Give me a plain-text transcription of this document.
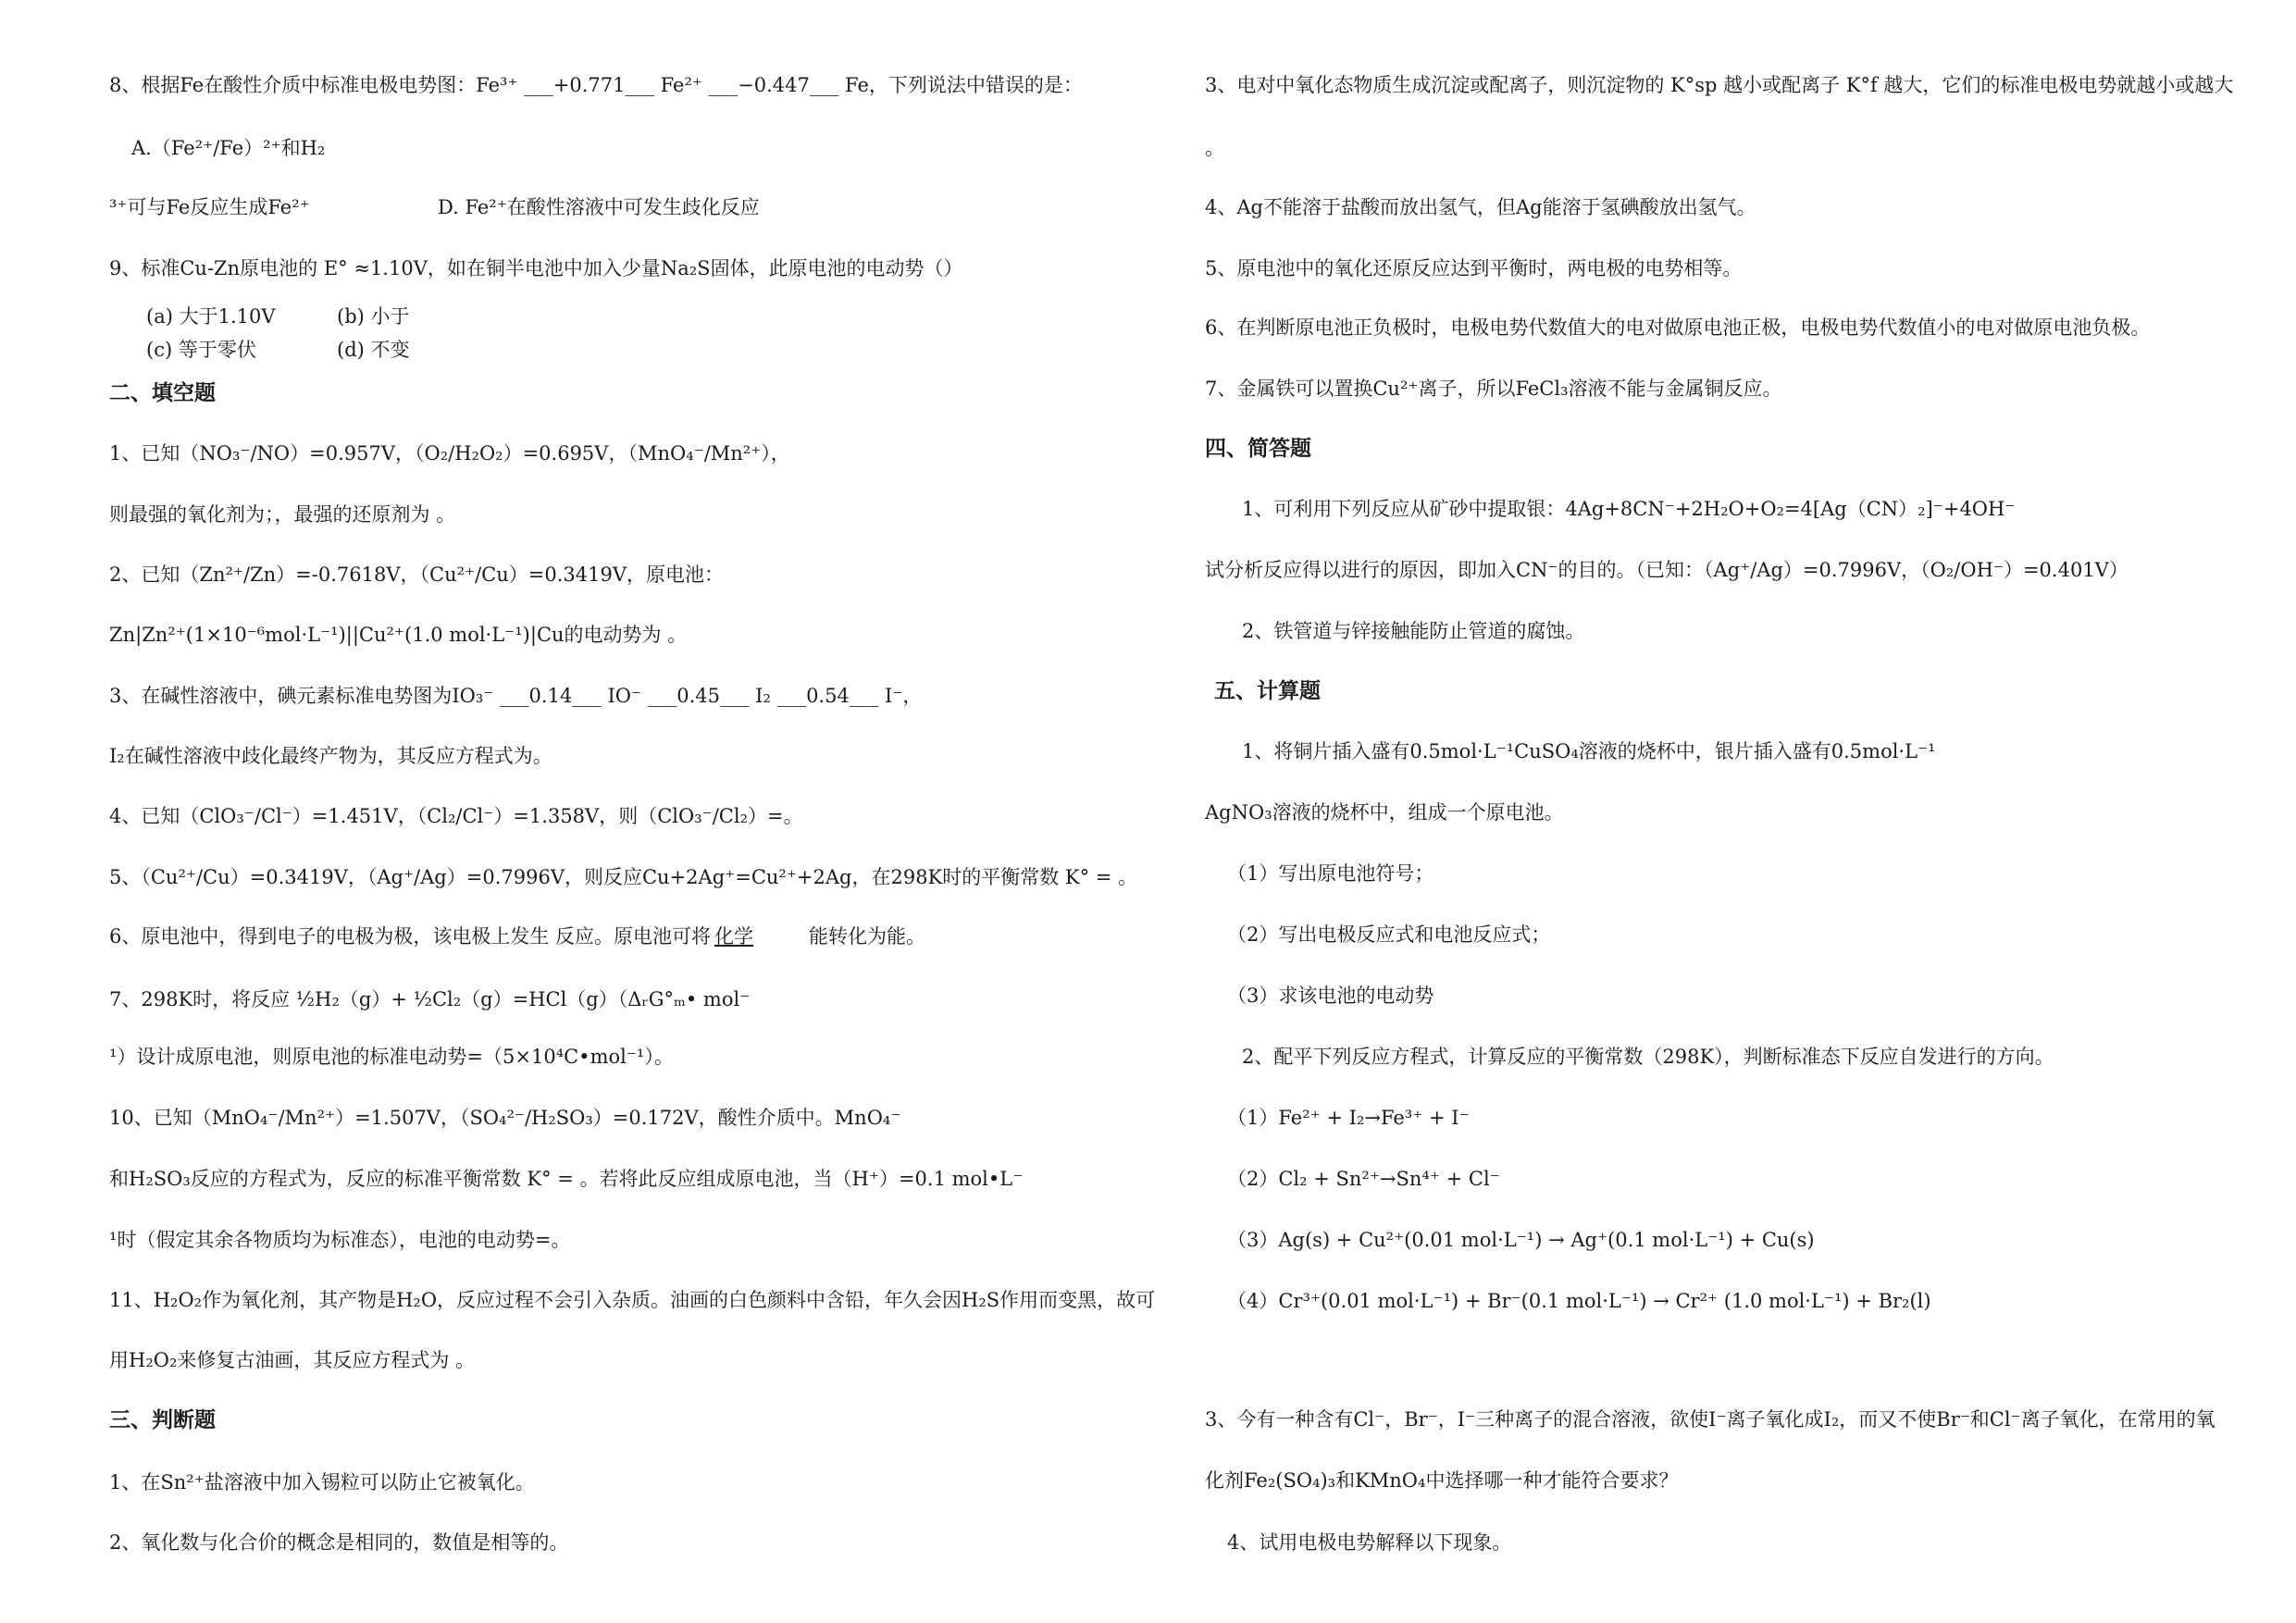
8、根据Fe在酸性介质中标准电极电势图：Fe³⁺ ___+0.771___ Fe²⁺ ___−0.447___ Fe，下列说法中错误的是：
A.（Fe²⁺/Fe）²⁺和H₂
³⁺可与Fe反应生成Fe²⁺	D. Fe²⁺在酸性溶液中可发生歧化反应
9、标准Cu-Zn原电池的 E° ≈1.10V，如在铜半电池中加入少量Na₂S固体，此原电池的电动势（）
(a) 大于1.10V	(b) 小于
(c) 等于零伏	(d) 不变
二、填空题
1、已知（NO₃⁻/NO）=0.957V，（O₂/H₂O₂）=0.695V，（MnO₄⁻/Mn²⁺），
则最强的氧化剂为；，最强的还原剂为 。
2、已知（Zn²⁺/Zn）=-0.7618V，（Cu²⁺/Cu）=0.3419V，原电池：
Zn|Zn²⁺(1×10⁻⁶mol·L⁻¹)||Cu²⁺(1.0 mol·L⁻¹)|Cu的电动势为 。
3、在碱性溶液中，碘元素标准电势图为IO₃⁻ ___0.14___ IO⁻ ___0.45___ I₂ ___0.54___ I⁻，
I₂在碱性溶液中歧化最终产物为，其反应方程式为。
4、已知（ClO₃⁻/Cl⁻）=1.451V，（Cl₂/Cl⁻）=1.358V，则（ClO₃⁻/Cl₂）=。
5、（Cu²⁺/Cu）=0.3419V，（Ag⁺/Ag）=0.7996V，则反应Cu+2Ag⁺=Cu²⁺+2Ag，在298K时的平衡常数 K° = 。
6、原电池中，得到电子的电极为极，该电极上发生 反应。原电池可将 化学	能转化为能。
7、298K时，将反应 ½H₂（g）+ ½Cl₂（g）=HCl（g）（ΔᵣG°ₘ• mol⁻
¹）设计成原电池，则原电池的标准电动势=（5×10⁴C•mol⁻¹）。
10、已知（MnO₄⁻/Mn²⁺）=1.507V，（SO₄²⁻/H₂SO₃）=0.172V，酸性介质中。MnO₄⁻
和H₂SO₃反应的方程式为，反应的标准平衡常数 K° = 。若将此反应组成原电池，当（H⁺）=0.1 mol•L⁻
¹时（假定其余各物质均为标准态），电池的电动势=。
11、H₂O₂作为氧化剂，其产物是H₂O，反应过程不会引入杂质。油画的白色颜料中含铅，年久会因H₂S作用而变黑，故可
用H₂O₂来修复古油画，其反应方程式为 。
三、判断题
1、在Sn²⁺盐溶液中加入锡粒可以防止它被氧化。
2、氧化数与化合价的概念是相同的，数值是相等的。
3、电对中氧化态物质生成沉淀或配离子，则沉淀物的 K°sp 越小或配离子 K°f 越大，它们的标准电极电势就越小或越大
。
4、Ag不能溶于盐酸而放出氢气，但Ag能溶于氢碘酸放出氢气。
5、原电池中的氧化还原反应达到平衡时，两电极的电势相等。
6、在判断原电池正负极时，电极电势代数值大的电对做原电池正极，电极电势代数值小的电对做原电池负极。
7、金属铁可以置换Cu²⁺离子，所以FeCl₃溶液不能与金属铜反应。
四、简答题
1、可利用下列反应从矿砂中提取银：4Ag+8CN⁻+2H₂O+O₂=4[Ag（CN）₂]⁻+4OH⁻
试分析反应得以进行的原因，即加入CN⁻的目的。（已知：（Ag⁺/Ag）=0.7996V，（O₂/OH⁻）=0.401V）
2、铁管道与锌接触能防止管道的腐蚀。
五、计算题
1、将铜片插入盛有0.5mol·L⁻¹CuSO₄溶液的烧杯中，银片插入盛有0.5mol·L⁻¹
AgNO₃溶液的烧杯中，组成一个原电池。
（1）写出原电池符号；
（2）写出电极反应式和电池反应式；
（3）求该电池的电动势
2、配平下列反应方程式，计算反应的平衡常数（298K），判断标准态下反应自发进行的方向。
（1）Fe²⁺ + I₂→Fe³⁺ + I⁻
（2）Cl₂ + Sn²⁺→Sn⁴⁺ + Cl⁻
（3）Ag(s) + Cu²⁺(0.01 mol·L⁻¹) → Ag⁺(0.1 mol·L⁻¹) + Cu(s)
（4）Cr³⁺(0.01 mol·L⁻¹) + Br⁻(0.1 mol·L⁻¹) → Cr²⁺ (1.0 mol·L⁻¹) + Br₂(l)
3、今有一种含有Cl⁻，Br⁻，I⁻三种离子的混合溶液，欲使I⁻离子氧化成I₂，而又不使Br⁻和Cl⁻离子氧化，在常用的氧
化剂Fe₂(SO₄)₃和KMnO₄中选择哪一种才能符合要求？
4、试用电极电势解释以下现象。
